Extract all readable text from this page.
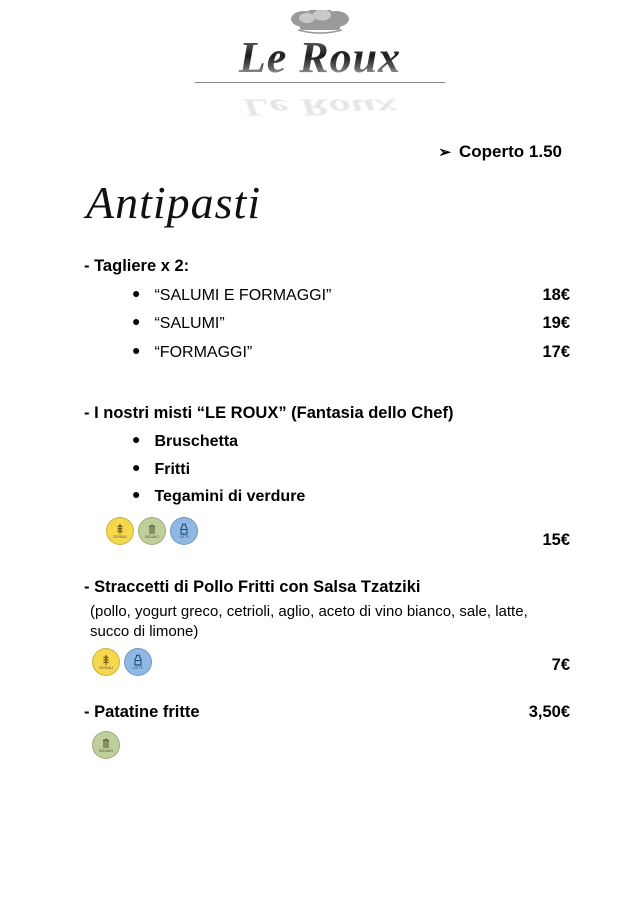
Le Roux
Le Roux
➢ Coperto 1.50
Antipasti
- Tagliere x 2:
● “SALUMI E FORMAGGI”	18€
● “SALUMI”	19€
● “FORMAGGI”	17€
- I nostri misti “LE ROUX” (Fantasia dello Chef)
● Bruschetta
● Fritti
● Tegamini di verdure
CEREALI	SEDANO	LATTE	15€
- Straccetti di Pollo Fritti con Salsa Tzatziki
(pollo, yogurt greco, cetrioli, aglio, aceto di vino bianco, sale, latte, succo di limone)
CEREALI	LATTE	7€
- Patatine fritte	3,50€
SEDANO
